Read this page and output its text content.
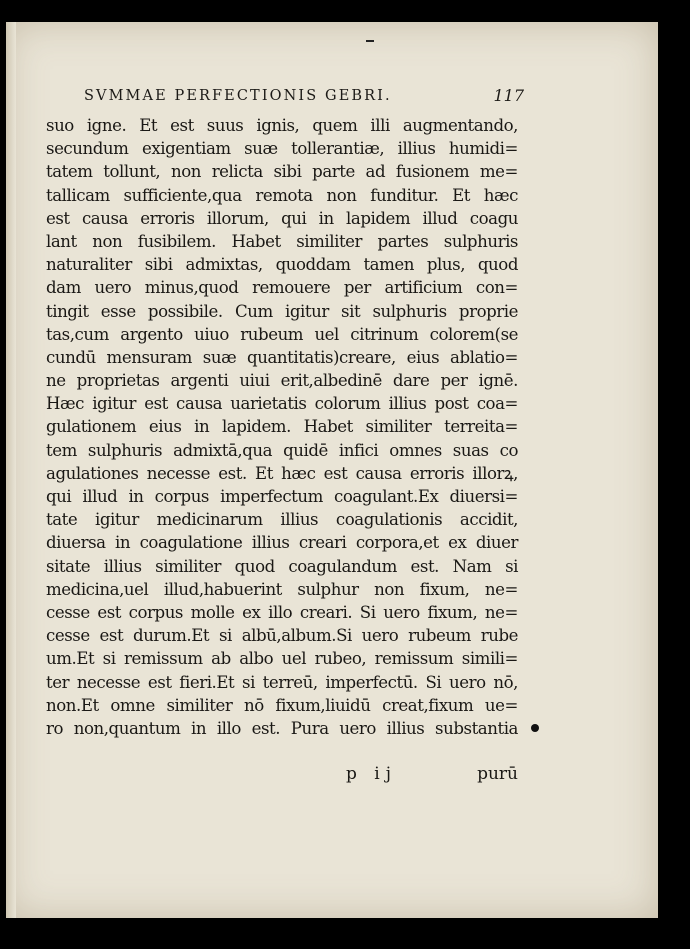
SVMMAE PERFECTIONIS GEBRI.	117
suo igne. Et est suus ignis, quem illi augmentando,
secundum exigentiam suæ tollerantiæ, illius humidi=
tatem tollunt, non relicta sibi parte ad fusionem me=
tallicam sufficiente,qua remota non funditur. Et hæc
est causa erroris illorum, qui in lapidem illud coagu
lant non fusibilem. Habet similiter partes sulphuris
naturaliter sibi admixtas, quoddam tamen plus, quod
dam uero minus,quod remouere per artificium con=
tingit esse possibile. Cum igitur sit sulphuris proprie
tas,cum argento uiuo rubeum uel citrinum colorem(se
cundū mensuram suæ quantitatis)creare, eius ablatio=
ne proprietas argenti uiui erit,albedinē dare per ignē.
Hæc igitur est causa uarietatis colorum illius post coa=
gulationem eius in lapidem. Habet similiter terreita=
tem sulphuris admixtā,qua quidē infici omnes suas co
agulationes necesse est. Et hæc est causa erroris illorꝝ,
qui illud in corpus imperfectum coagulant.Ex diuersi=
tate igitur medicinarum illius coagulationis accidit,
diuersa in coagulatione illius creari corpora,et ex diuer
sitate illius similiter quod coagulandum est. Nam si
medicina,uel illud,habuerint sulphur non fixum, ne=
cesse est corpus molle ex illo creari. Si uero fixum, ne=
cesse est durum.Et si albū,album.Si uero rubeum rube
um.Et si remissum ab albo uel rubeo, remissum simili=
ter necesse est fieri.Et si terreū, imperfectū. Si uero nō,
non.Et omne similiter nō fixum,liuidū creat,fixum ue=
ro non,quantum in illo est. Pura uero illius substantia
p ij	purū
